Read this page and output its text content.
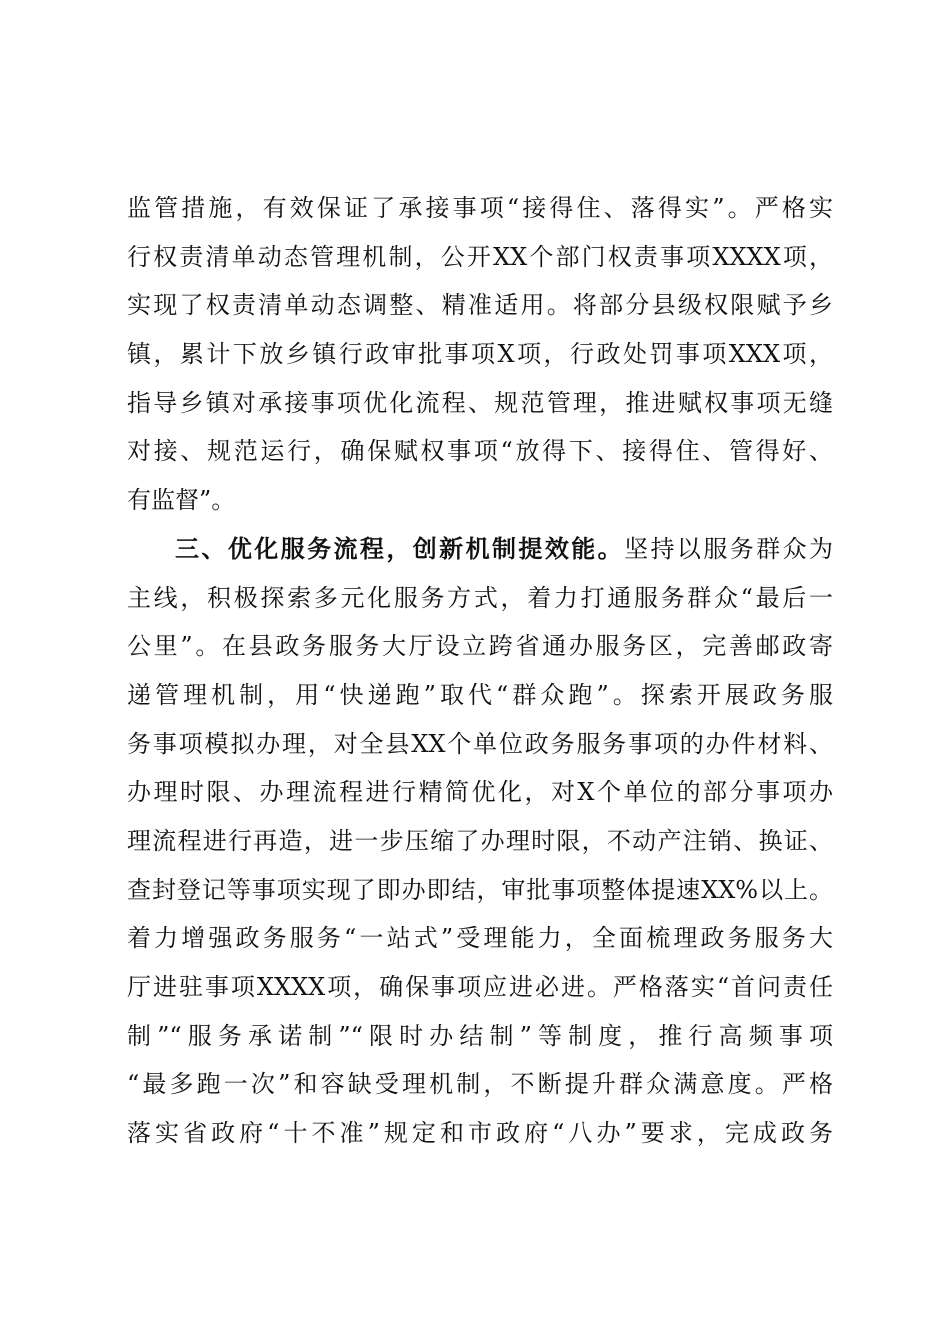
监管措施，有效保证了承接事项“接得住、落得实”。严格实
行权责清单动态管理机制，公开XX个部门权责事项XXXX项，
实现了权责清单动态调整、精准适用。将部分县级权限赋予乡
镇，累计下放乡镇行政审批事项X项，行政处罚事项XXX项，
指导乡镇对承接事项优化流程、规范管理，推进赋权事项无缝
对接、规范运行，确保赋权事项“放得下、接得住、管得好、
有监督”。
三、优化服务流程，创新机制提效能。坚持以服务群众为
主线，积极探索多元化服务方式，着力打通服务群众“最后一
公里”。在县政务服务大厅设立跨省通办服务区，完善邮政寄
递管理机制，用“快递跑”取代“群众跑”。探索开展政务服
务事项模拟办理，对全县XX个单位政务服务事项的办件材料、
办理时限、办理流程进行精简优化，对X个单位的部分事项办
理流程进行再造，进一步压缩了办理时限，不动产注销、换证、
查封登记等事项实现了即办即结，审批事项整体提速XX%以上。
着力增强政务服务“一站式”受理能力，全面梳理政务服务大
厅进驻事项XXXX项，确保事项应进必进。严格落实“首问责任
制”“服务承诺制”“限时办结制”等制度，推行高频事项
“最多跑一次”和容缺受理机制，不断提升群众满意度。严格
落实省政府“十不准”规定和市政府“八办”要求，完成政务
